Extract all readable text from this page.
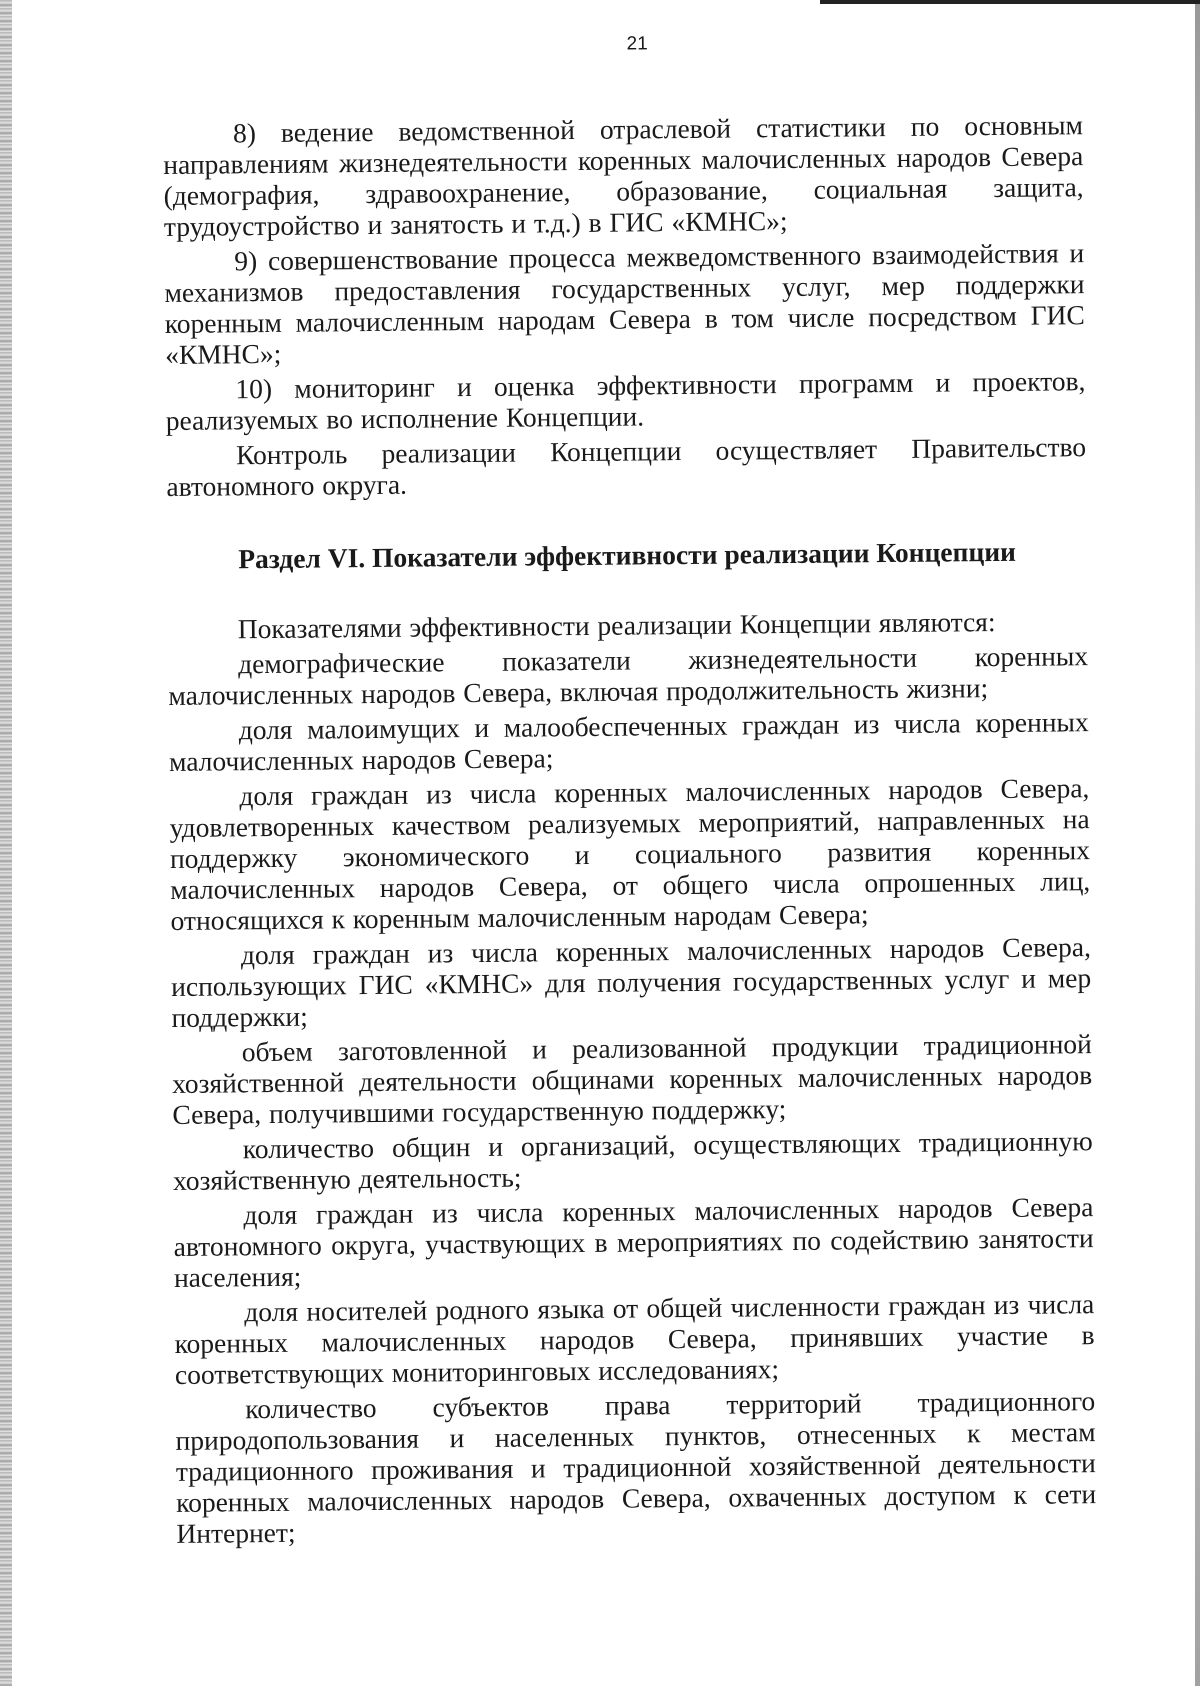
21

8) ведение ведомственной отраслевой статистики по основным направлениям жизнедеятельности коренных малочисленных народов Севера (демография, здравоохранение, образование, социальная защита, трудоустройство и занятость и т.д.) в ГИС «КМНС»;

9) совершенствование процесса межведомственного взаимодействия и механизмов предоставления государственных услуг, мер поддержки коренным малочисленным народам Севера в том числе посредством ГИС «КМНС»;

10) мониторинг и оценка эффективности программ и проектов, реализуемых во исполнение Концепции.

Контроль реализации Концепции осуществляет Правительство автономного округа.

Раздел VI. Показатели эффективности реализации Концепции

Показателями эффективности реализации Концепции являются:

демографические показатели жизнедеятельности коренных малочисленных народов Севера, включая продолжительность жизни;

доля малоимущих и малообеспеченных граждан из числа коренных малочисленных народов Севера;

доля граждан из числа коренных малочисленных народов Севера, удовлетворенных качеством реализуемых мероприятий, направленных на поддержку экономического и социального развития коренных малочисленных народов Севера, от общего числа опрошенных лиц, относящихся к коренным малочисленным народам Севера;

доля граждан из числа коренных малочисленных народов Севера, использующих ГИС «КМНС» для получения государственных услуг и мер поддержки;

объем заготовленной и реализованной продукции традиционной хозяйственной деятельности общинами коренных малочисленных народов Севера, получившими государственную поддержку;

количество общин и организаций, осуществляющих традиционную хозяйственную деятельность;

доля граждан из числа коренных малочисленных народов Севера автономного округа, участвующих в мероприятиях по содействию занятости населения;

доля носителей родного языка от общей численности граждан из числа коренных малочисленных народов Севера, принявших участие в соответствующих мониторинговых исследованиях;

количество субъектов права территорий традиционного природопользования и населенных пунктов, отнесенных к местам традиционного проживания и традиционной хозяйственной деятельности коренных малочисленных народов Севера, охваченных доступом к сети Интернет;
